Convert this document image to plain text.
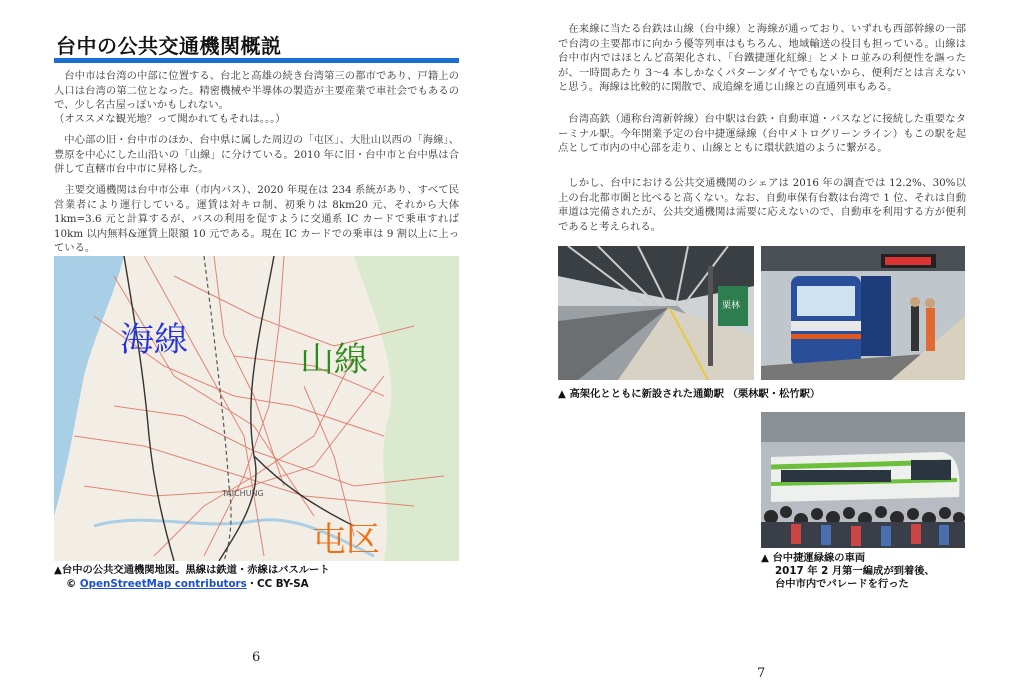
台中の公共交通機関概説

台中市は台湾の中部に位置する、台北と高雄の続き台湾第三の都市であり、戸籍上の人口は台湾の第二位となった。精密機械や半導体の製造が主要産業で車社会でもあるので、少し名古屋っぽいかもしれない。

（オススメな観光地？って聞かれてもそれは。。。）

中心部の旧・台中市のほか、台中県に属した周辺の「屯区」、大肚山以西の「海線」、豊原を中心にした山沿いの「山線」に分けている。2010 年に旧・台中市と台中県は合併して直轄市台中市に昇格した。

主要交通機関は台中市公車（市内バス）、2020 年現在は 234 系統があり、すべて民営業者により運行している。運賃は対キロ制、初乗りは 8km20 元、それから大体 1km=3.6 元と計算するが、バスの利用を促すように交通系 IC カードで乗車すれば 10km 以内無料&運賃上限額 10 元である。現在 IC カードでの乗車は 9 割以上に上っている。

TAICHUNG
海線	山線
屯区
▲台中の公共交通機関地図。黒線は鉄道・赤線はバスルート
© OpenStreetMap contributors・CC BY-SA
6

在来線に当たる台鉄は山線（台中線）と海線が通っており、いずれも西部幹線の一部で台湾の主要都市に向かう優等列車はもちろん、地域輸送の役目も担っている。山線は台中市内ではほとんど高架化され、「台鐵捷運化紅線」とメトロ並みの利便性を謳ったが、一時間あたり 3～4 本しかなくパターンダイヤでもないから、便利だとは言えないと思う。海線は比較的に閑散で、成追線を通じ山線との直通列車もある。

台湾高鉄（通称台湾新幹線）台中駅は台鉄・自動車道・バスなどに接続した重要なターミナル駅。今年開業予定の台中捷運緑線（台中メトログリーンライン）もこの駅を起点として市内の中心部を走り、山線とともに環状鉄道のように繋がる。

しかし、台中における公共交通機関のシェアは 2016 年の調査では 12.2%、30%以上の台北都市圏と比べると高くない。なお、自動車保有台数は台湾で 1 位、それは自動車道は完備されたが、公共交通機関は需要に応えないので、自動車を利用する方が便利であると考えられる。

栗林
▲ 高架化とともに新設された通勤駅 （栗林駅・松竹駅）
▲ 台中捷運緑線の車両
2017 年 2 月第一編成が到着後、
台中市内でパレードを行った
7
